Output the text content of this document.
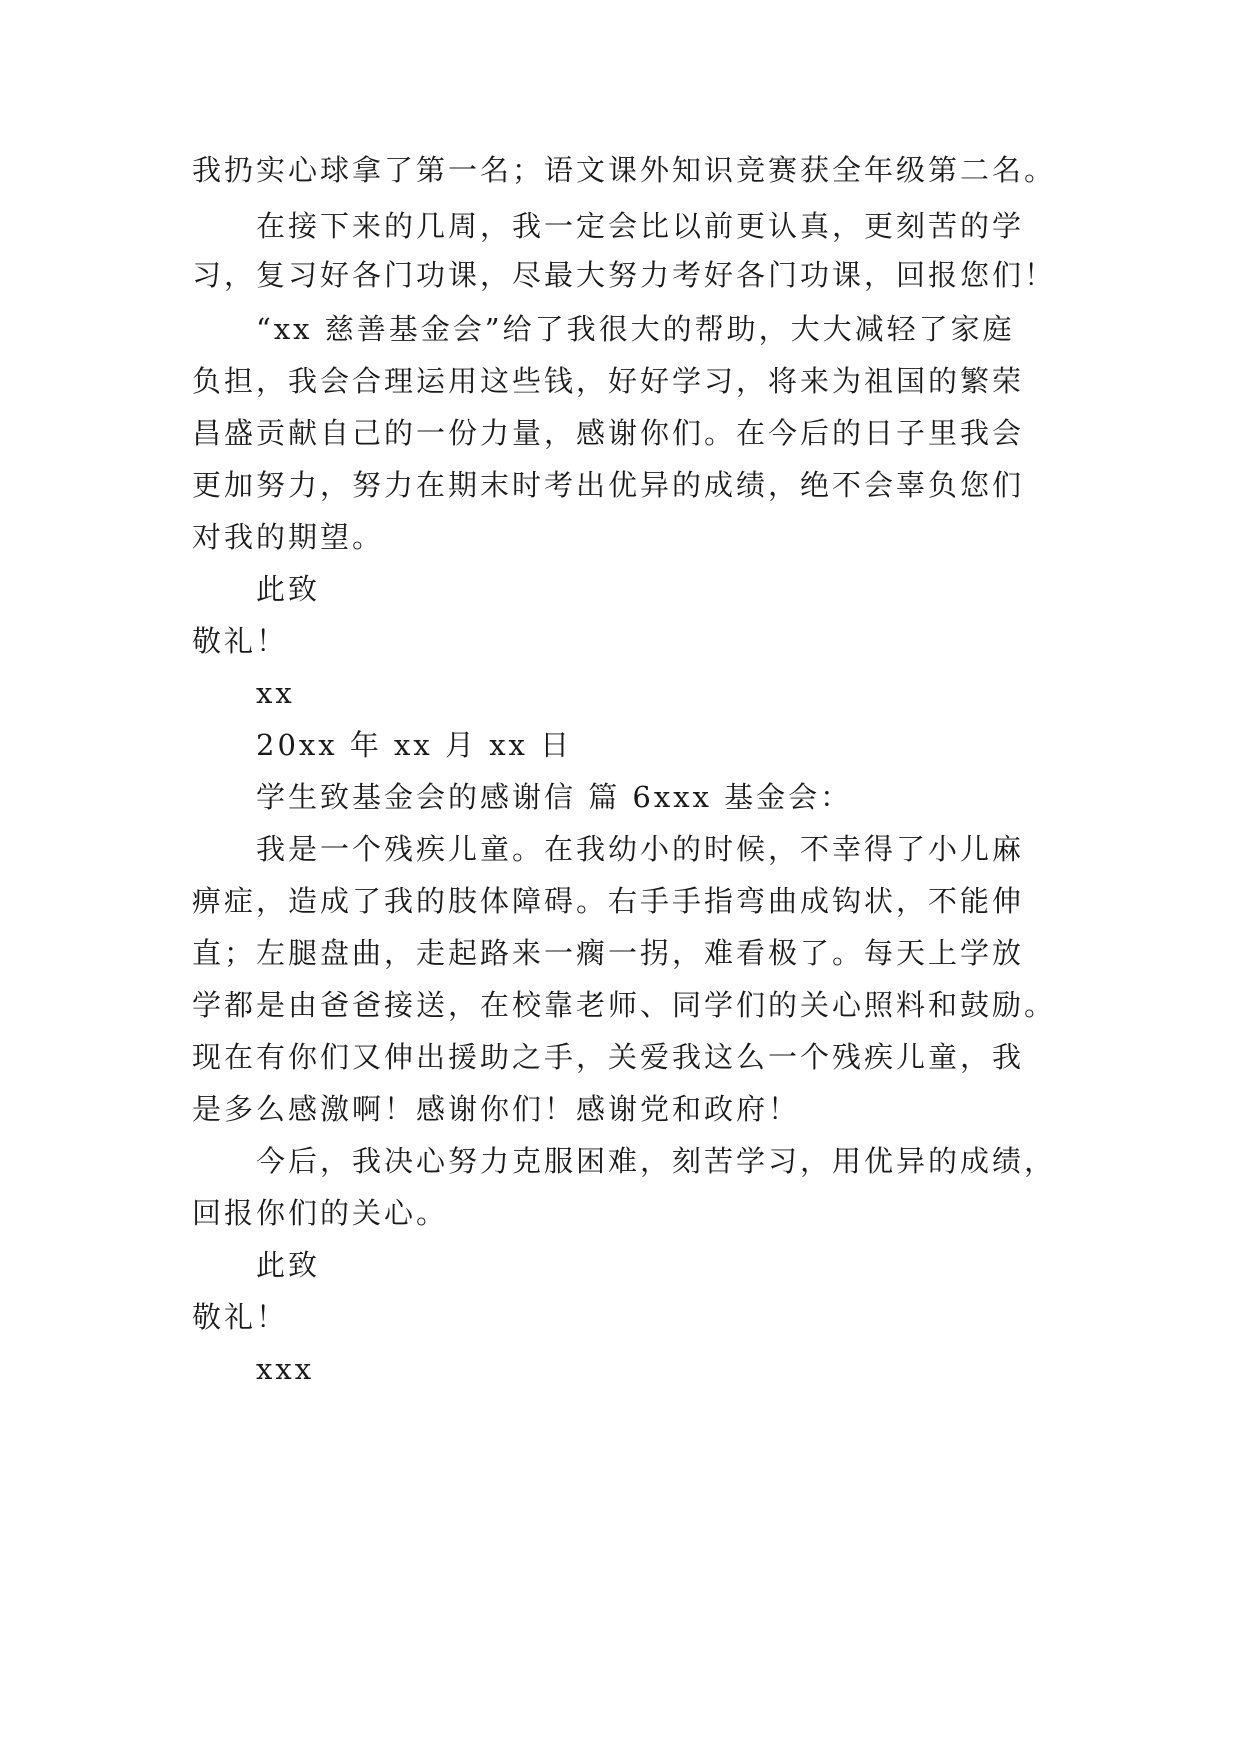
我扔实心球拿了第一名；语文课外知识竞赛获全年级第二名。
在接下来的几周，我一定会比以前更认真，更刻苦的学
习，复习好各门功课，尽最大努力考好各门功课，回报您们！
“xx 慈善基金会”给了我很大的帮助，大大减轻了家庭
负担，我会合理运用这些钱，好好学习，将来为祖国的繁荣
昌盛贡献自己的一份力量，感谢你们。在今后的日子里我会
更加努力，努力在期末时考出优异的成绩，绝不会辜负您们
对我的期望。
此致
敬礼！
xx
20xx 年 xx 月 xx 日
学生致基金会的感谢信 篇 6xxx 基金会：
我是一个残疾儿童。在我幼小的时候，不幸得了小儿麻
痹症，造成了我的肢体障碍。右手手指弯曲成钩状，不能伸
直；左腿盘曲，走起路来一瘸一拐，难看极了。每天上学放
学都是由爸爸接送，在校靠老师、同学们的关心照料和鼓励。
现在有你们又伸出援助之手，关爱我这么一个残疾儿童，我
是多么感激啊！感谢你们！感谢党和政府！
今后，我决心努力克服困难，刻苦学习，用优异的成绩，
回报你们的关心。
此致
敬礼！
xxx
